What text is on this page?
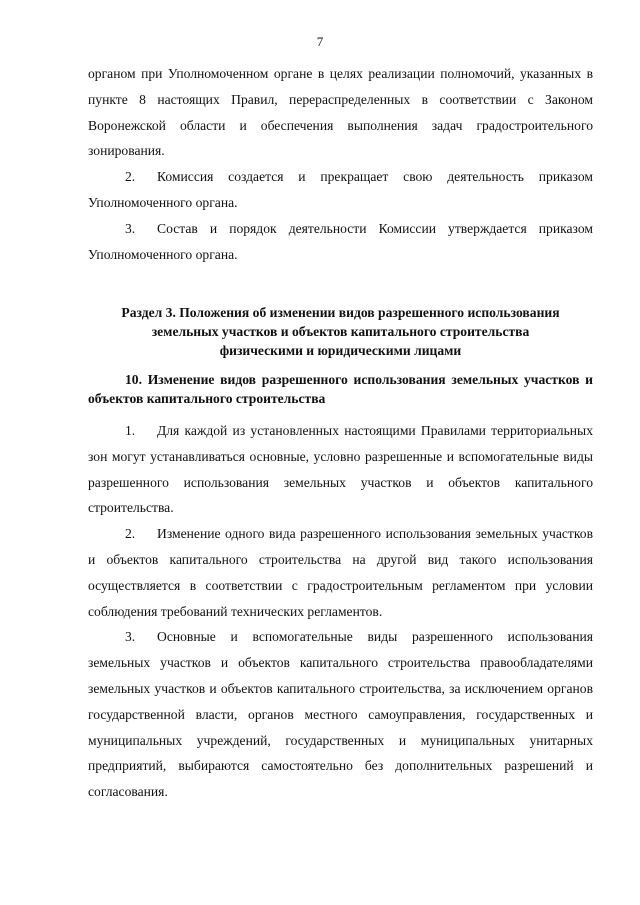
7
органом при Уполномоченном органе в целях реализации полномочий, указанных в пункте 8 настоящих Правил, перераспределенных в соответствии с Законом Воронежской области и обеспечения выполнения задач градостроительного зонирования.
2. Комиссия создается и прекращает свою деятельность приказом Уполномоченного органа.
3. Состав и порядок деятельности Комиссии утверждается приказом Уполномоченного органа.
Раздел 3. Положения об изменении видов разрешенного использования земельных участков и объектов капитального строительства физическими и юридическими лицами
10. Изменение видов разрешенного использования земельных участков и объектов капитального строительства
1. Для каждой из установленных настоящими Правилами территориальных зон могут устанавливаться основные, условно разрешенные и вспомогательные виды разрешенного использования земельных участков и объектов капитального строительства.
2. Изменение одного вида разрешенного использования земельных участков и объектов капитального строительства на другой вид такого использования осуществляется в соответствии с градостроительным регламентом при условии соблюдения требований технических регламентов.
3. Основные и вспомогательные виды разрешенного использования земельных участков и объектов капитального строительства правообладателями земельных участков и объектов капитального строительства, за исключением органов государственной власти, органов местного самоуправления, государственных и муниципальных учреждений, государственных и муниципальных унитарных предприятий, выбираются самостоятельно без дополнительных разрешений и согласования.
